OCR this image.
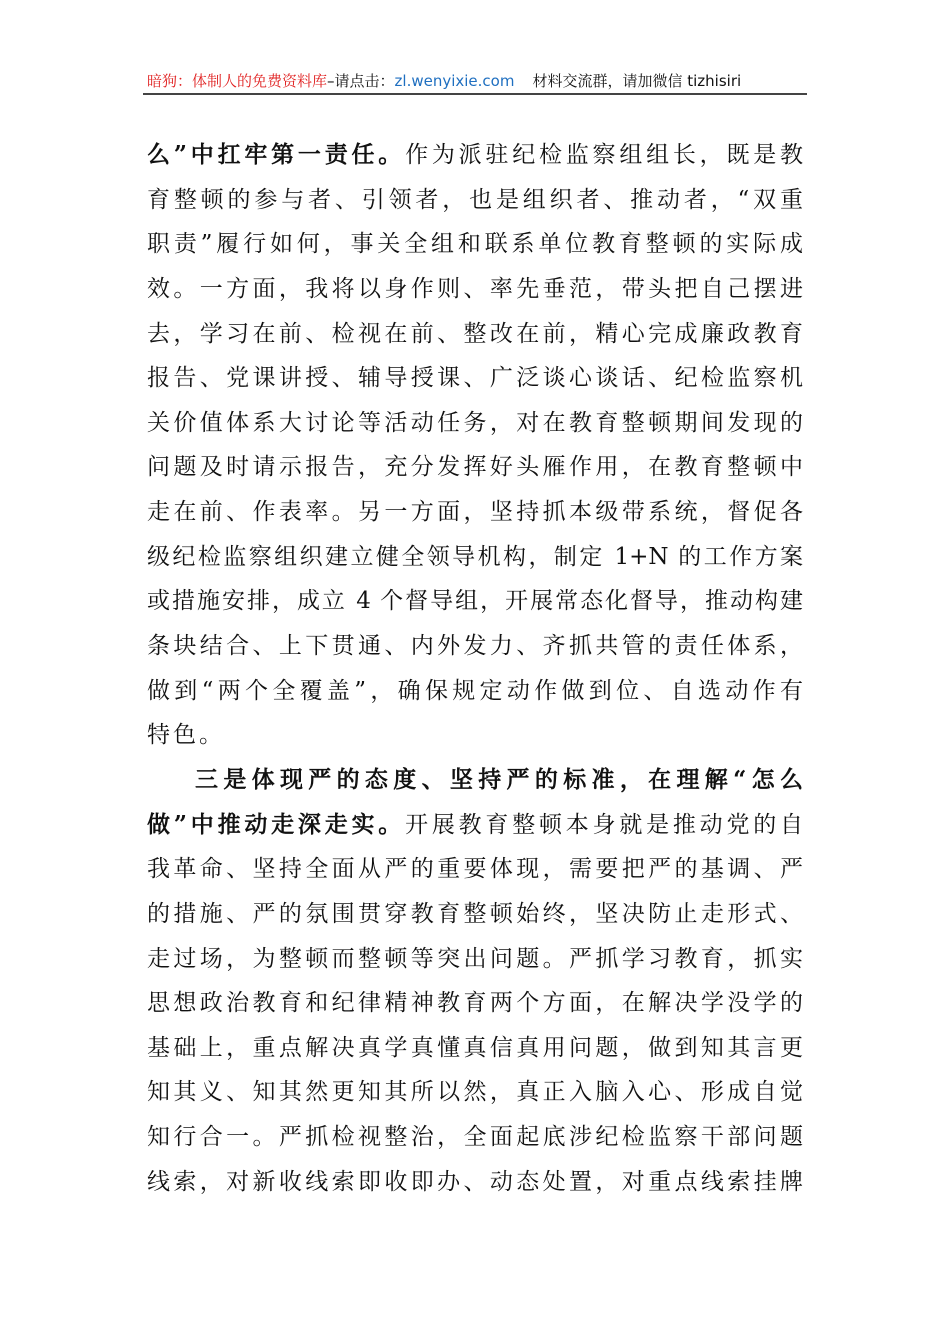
暗狗：体制人的免费资料库–请点击：zl.wenyixie.com 材料交流群，请加微信 tizhisiri
么”中扛牢第一责任。作为派驻纪检监察组组长，既是教
育整顿的参与者、引领者，也是组织者、推动者，“双重
职责”履行如何，事关全组和联系单位教育整顿的实际成
效。一方面，我将以身作则、率先垂范，带头把自己摆进
去，学习在前、检视在前、整改在前，精心完成廉政教育
报告、党课讲授、辅导授课、广泛谈心谈话、纪检监察机
关价值体系大讨论等活动任务，对在教育整顿期间发现的
问题及时请示报告，充分发挥好头雁作用，在教育整顿中
走在前、作表率。另一方面，坚持抓本级带系统，督促各
级纪检监察组织建立健全领导机构，制定 1+N 的工作方案
或措施安排，成立 4 个督导组，开展常态化督导，推动构建
条块结合、上下贯通、内外发力、齐抓共管的责任体系，
做到“两个全覆盖”，确保规定动作做到位、自选动作有
特色。
三是体现严的态度、坚持严的标准，在理解“怎么
做”中推动走深走实。开展教育整顿本身就是推动党的自
我革命、坚持全面从严的重要体现，需要把严的基调、严
的措施、严的氛围贯穿教育整顿始终，坚决防止走形式、
走过场，为整顿而整顿等突出问题。严抓学习教育，抓实
思想政治教育和纪律精神教育两个方面，在解决学没学的
基础上，重点解决真学真懂真信真用问题，做到知其言更
知其义、知其然更知其所以然，真正入脑入心、形成自觉
知行合一。严抓检视整治，全面起底涉纪检监察干部问题
线索，对新收线索即收即办、动态处置，对重点线索挂牌
